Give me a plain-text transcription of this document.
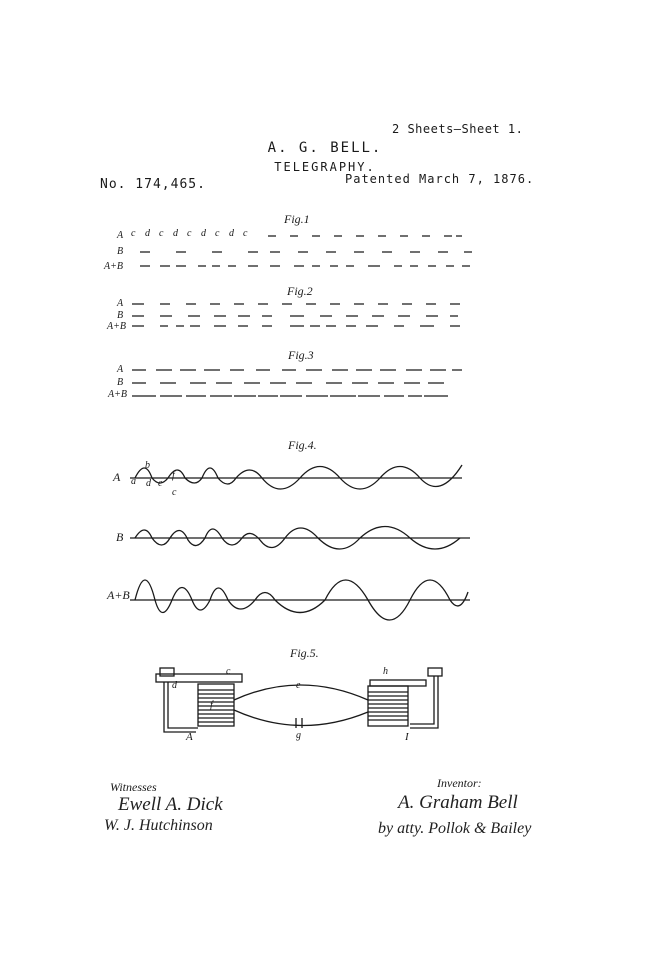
2 Sheets—Sheet 1.
A. G. BELL.
TELEGRAPHY.
No. 174,465.	Patented March 7, 1876.
Fig.1
Fig.2
Fig.3
Fig.4.
Fig.5.
A
B
A+B
c d c d c d c d c
A
B
A+B
A
B
A+B
A
B
A+B
a
b
c
d e
f
c
d	e
f
g
h
A	I
Witnesses
Ewell A. Dick
W. J. Hutchinson
Inventor:
A. Graham Bell
by atty. Pollok & Bailey
